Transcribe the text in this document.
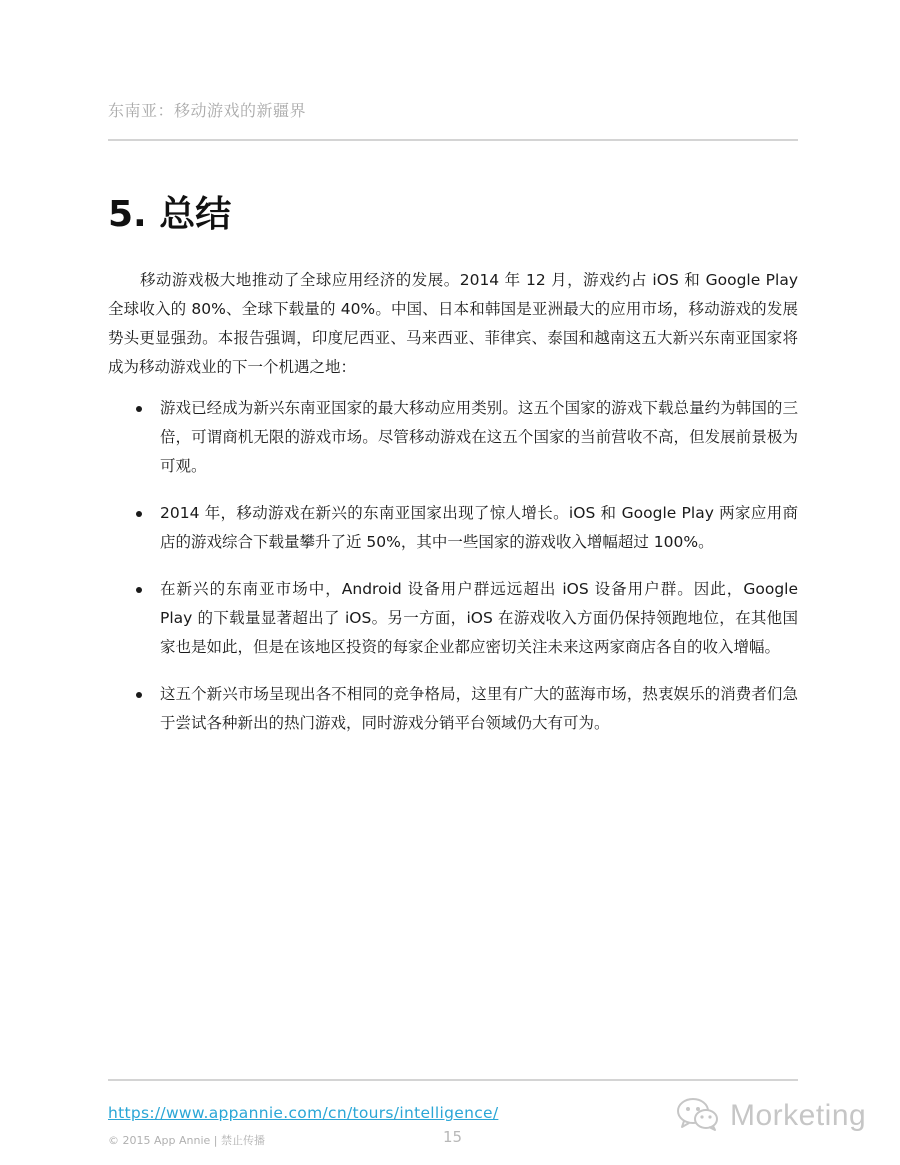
东南亚：移动游戏的新疆界
5. 总结

移动游戏极大地推动了全球应用经济的发展。2014 年 12 月，游戏约占 iOS 和 Google Play 全球收入的 80%、全球下载量的 40%。中国、日本和韩国是亚洲最大的应用市场，移动游戏的发展势头更显强劲。本报告强调，印度尼西亚、马来西亚、菲律宾、泰国和越南这五大新兴东南亚国家将成为移动游戏业的下一个机遇之地：

游戏已经成为新兴东南亚国家的最大移动应用类别。这五个国家的游戏下载总量约为韩国的三倍，可谓商机无限的游戏市场。尽管移动游戏在这五个国家的当前营收不高，但发展前景极为可观。
2014 年，移动游戏在新兴的东南亚国家出现了惊人增长。iOS 和 Google Play 两家应用商店的游戏综合下载量攀升了近 50%，其中一些国家的游戏收入增幅超过 100%。
在新兴的东南亚市场中，Android 设备用户群远远超出 iOS 设备用户群。因此，Google Play 的下载量显著超出了 iOS。另一方面，iOS 在游戏收入方面仍保持领跑地位，在其他国家也是如此，但是在该地区投资的每家企业都应密切关注未来这两家商店各自的收入增幅。
这五个新兴市场呈现出各不相同的竞争格局，这里有广大的蓝海市场，热衷娱乐的消费者们急于尝试各种新出的热门游戏，同时游戏分销平台领域仍大有可为。
https://www.appannie.com/cn/tours/intelligence/
© 2015 App Annie | 禁止传播	15
Morketing
